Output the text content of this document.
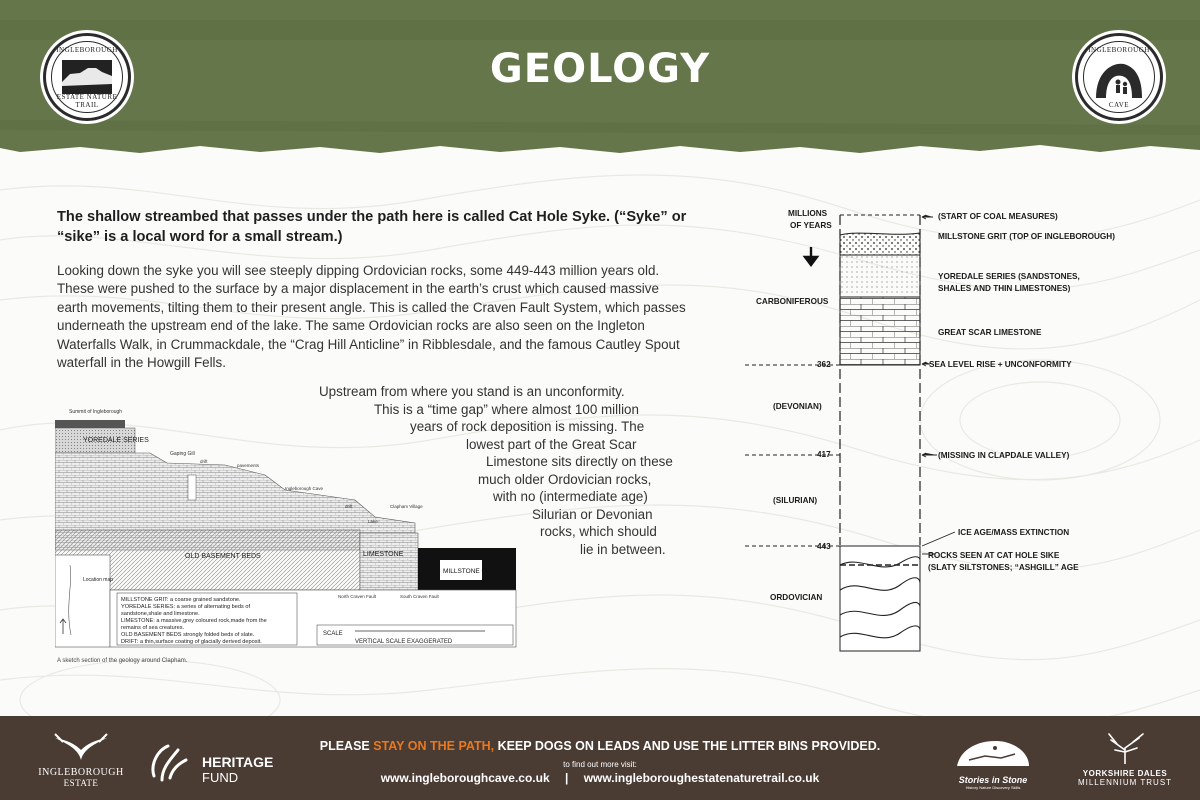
GEOLOGY
INGLEBOROUGH
ESTATE NATURE TRAIL
INGLEBOROUGH
CAVE
The shallow streambed that passes under the path here is called Cat Hole Syke. (“Syke” or “sike” is a local word for a small stream.)
Looking down the syke you will see steeply dipping Ordovician rocks, some 449-443 million years old. These were pushed to the surface by a major displacement in the earth’s crust which caused massive earth movements, tilting them to their present angle. This is called the Craven Fault System, which passes underneath the upstream end of the lake. The same Ordovician rocks are also seen on the Ingleton Waterfalls Walk, in Crummackdale, the “Crag Hill Anticline” in Ribblesdale, and the famous Cautley Spout waterfall in the Howgill Fells.
Upstream from where you stand is an unconformity.
This is a “time gap” where almost 100 million
years of rock deposition is missing. The
lowest part of the Great Scar
Limestone sits directly on these
much older Ordovician rocks,
with no (intermediate age)
Silurian or Devonian
rocks, which should
lie in between.
Summit of Ingleborough
YOREDALE SERIES
Gaping Gill
drift
pavements
Ingleborough Cave
Clapham Village
drift
Lake
OLD BASEMENT BEDS	LIMESTONE
MILLSTONE GRIT
Location map
MILLSTONE GRIT: a coarse grained sandstone.
YOREDALE SERIES: a series of alternating beds of
sandstone,shale and limestone.
LIMESTONE: a massive,grey coloured rock,made from the
remains of sea creatures.
OLD BASEMENT BEDS strongly folded beds of slate.
DRIFT: a thin,surface coating of glacially derived deposit.
North Craven Fault	South Craven Fault
SCALE
VERTICAL SCALE EXAGGERATED
A sketch section of the geology around Clapham.
MILLIONS
OF YEARS
CARBONIFEROUS
(DEVONIAN)
(SILURIAN)
ORDOVICIAN
362
443
(START OF COAL MEASURES)
MILLSTONE GRIT (TOP OF INGLEBOROUGH)
YOREDALE SERIES (SANDSTONES,
SHALES AND THIN LIMESTONES)
GREAT SCAR LIMESTONE
SEA LEVEL RISE + UNCONFORMITY
(MISSING IN CLAPDALE VALLEY)
ICE AGE/MASS EXTINCTION
ROCKS SEEN AT CAT HOLE SIKE
(SLATY SILTSTONES; “ASHGILL” AGE
PLEASE STAY ON THE PATH, KEEP DOGS ON LEADS AND USE THE LITTER BINS PROVIDED.
to find out more visit:
www.ingleboroughcave.co.uk | www.ingleboroughestatenaturetrail.co.uk
INGLEBOROUGH
ESTATE
HERITAGE
FUND	Stories in Stone
History Nature Discovery Skills
YORKSHIRE DALES
MILLENNIUM TRUST
